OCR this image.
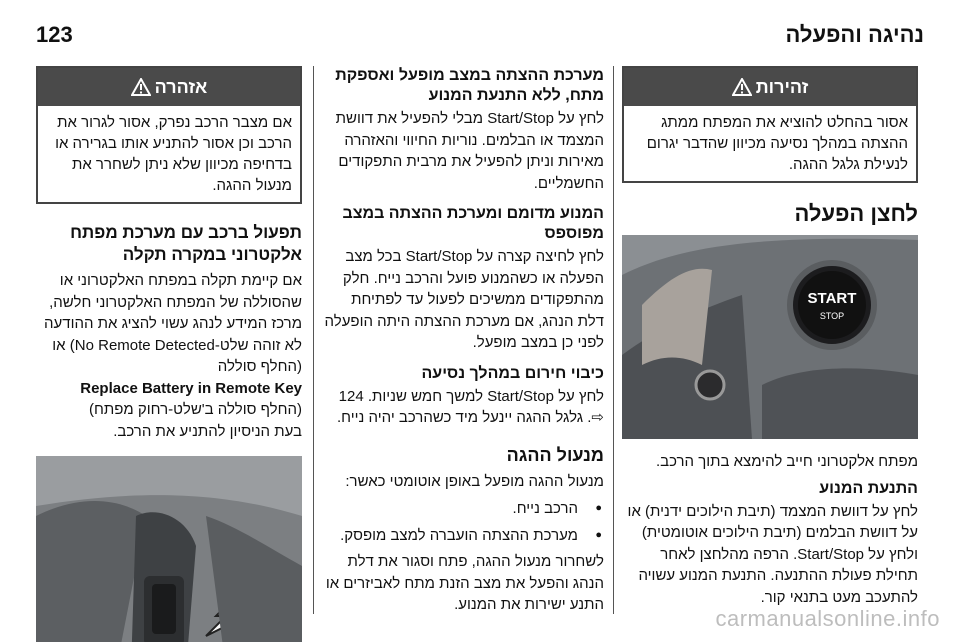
נהיגה והפעלה
123
זהירות
אסור בהחלט להוציא את המפתח ממתג ההצתה במהלך נסיעה מכיוון שהדבר יגרום לנעילת גלגל ההגה.
לחצן הפעלה
START
STOP
מפתח אלקטרוני חייב להימצא בתוך הרכב.
התנעת המנוע
לחץ על דוושת המצמד (תיבת הילוכים ידנית) או על דוושת הבלמים (תיבת הילוכים אוטומטית) ולחץ על Start/Stop. הרפה מהלחצן לאחר תחילת פעולת ההתנעה. התנעת המנוע עשויה להתעכב מעט בתנאי קור.
מערכת ההצתה במצב מופעל ואספקת מתח, ללא התנעת המנוע
לחץ על Start/Stop מבלי להפעיל את דוושת המצמד או הבלמים. נוריות החיווי והאזהרה מאירות וניתן להפעיל את מרבית התפקודים החשמליים.
המנוע מדומם ומערכת ההצתה במצב מפוספס
לחץ לחיצה קצרה על Start/Stop בכל מצב הפעלה או כשהמנוע פועל והרכב נייח. חלק מהתפקודים ממשיכים לפעול עד לפתיחת דלת הנהג, אם מערכת ההצתה היתה הופעלה לפני כן במצב מופעל.
כיבוי חירום במהלך נסיעה
לחץ על Start/Stop למשך חמש שניות. 124 ⇨. גלגל ההגה יינעל מיד כשהרכב יהיה נייח.
מנעול ההגה
מנעול ההגה מופעל באופן אוטומטי כאשר:
● הרכב נייח.
● מערכת ההצתה הועברה למצב מופסק.
לשחרור מנעול ההגה, פתח וסגור את דלת הנהג והפעל את מצב הזנת מתח לאביזרים או התנע ישירות את המנוע.
אזהרה
אם מצבר הרכב נפרק, אסור לגרור את הרכב וכן אסור להתניע אותו בגרירה או בדחיפה מכיוון שלא ניתן לשחרר את מנעול ההגה.
תפעול ברכב עם מערכת מפתח אלקטרוני במקרה תקלה
אם קיימת תקלה במפתח האלקטרוני או שהסוללה של המפתח האלקטרוני חלשה, מרכז המידע לנהג עשוי להציג את ההודעה לא זוהה שלט-No Remote Detected) או (החלף סוללה
Replace Battery in Remote Key
(החלף סוללה ב'שלט-רחוק מפתח)
בעת הניסיון להתניע את הרכב.
carmanualsonline.info
